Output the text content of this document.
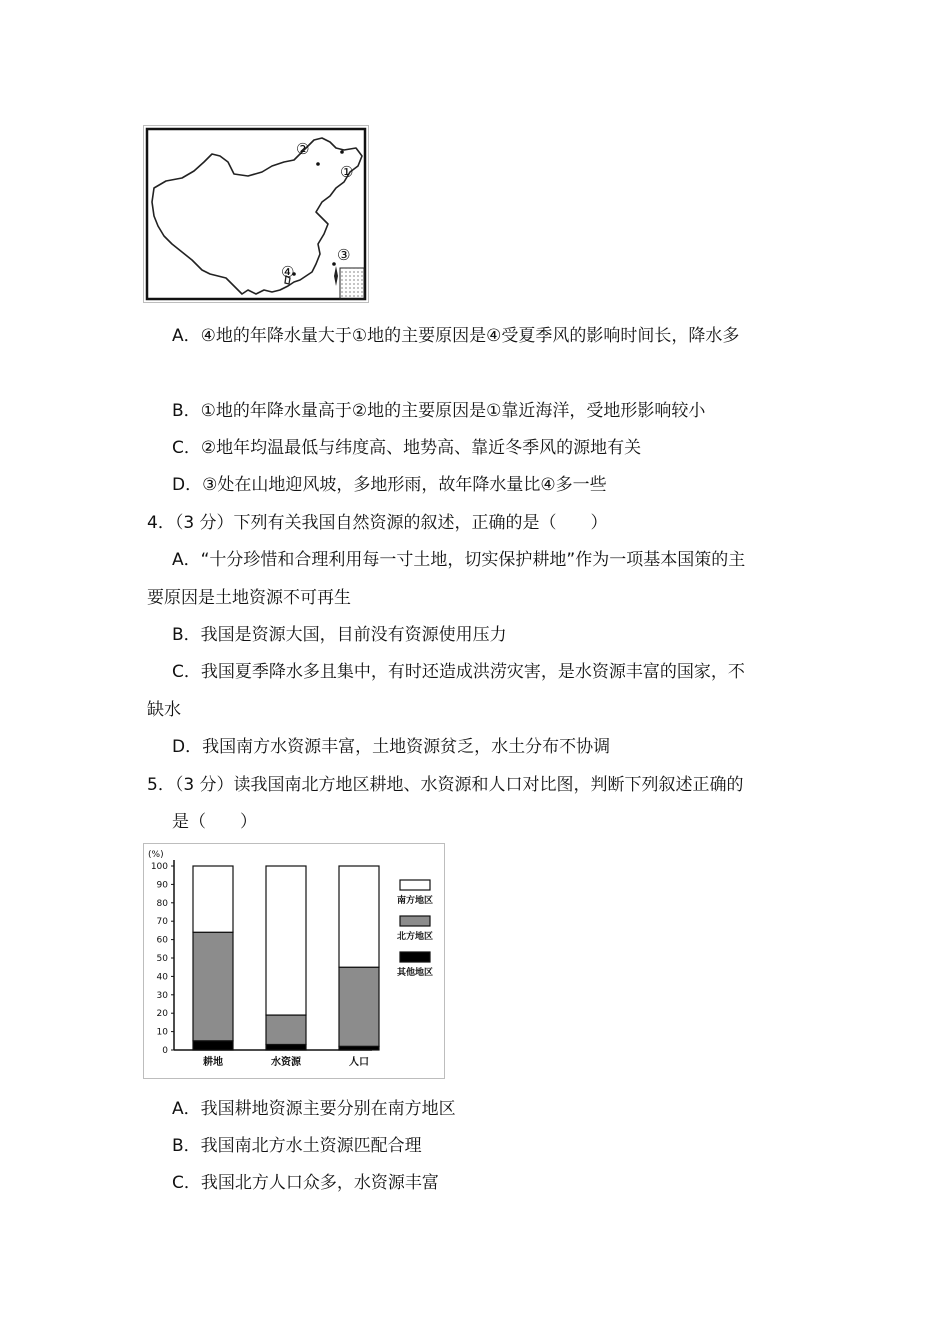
①
②
③
④
A．④地的年降水量大于①地的主要原因是④受夏季风的影响时间长，降水多
B．①地的年降水量高于②地的主要原因是①靠近海洋，受地形影响较小
C．②地年均温最低与纬度高、地势高、靠近冬季风的源地有关
D．③处在山地迎风坡，多地形雨，故年降水量比④多一些
4．（3 分）下列有关我国自然资源的叙述，正确的是（　　）
A．“十分珍惜和合理利用每一寸土地，切实保护耕地”作为一项基本国策的主
要原因是土地资源不可再生
B．我国是资源大国，目前没有资源使用压力
C．我国夏季降水多且集中，有时还造成洪涝灾害，是水资源丰富的国家，不
缺水
D．我国南方水资源丰富，土地资源贫乏，水土分布不协调
5．（3 分）读我国南北方地区耕地、水资源和人口对比图，判断下列叙述正确的
是（　　）
(%)
0
10
20
30
40
50
60
70
80
90
100
耕地	水资源	人口
南方地区
北方地区
其他地区
A．我国耕地资源主要分别在南方地区
B．我国南北方水土资源匹配合理
C．我国北方人口众多，水资源丰富
